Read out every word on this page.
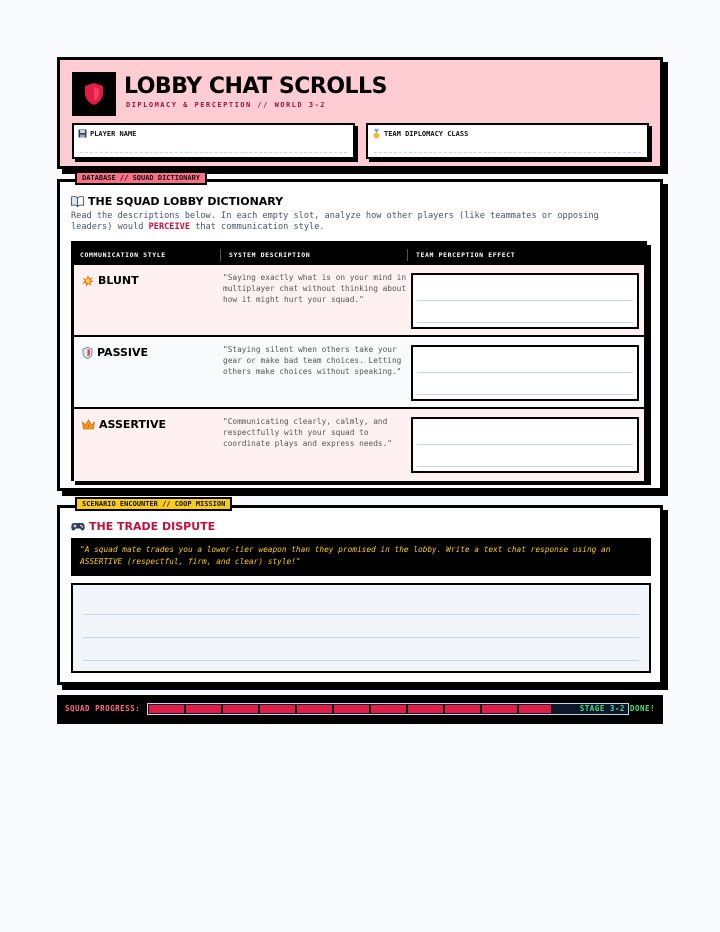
LOBBY CHAT SCROLLS
DIPLOMACY & PERCEPTION // WORLD 3-2
PLAYER NAME	TEAM DIPLOMACY CLASS
DATABASE // SQUAD DICTIONARY
THE SQUAD LOBBY DICTIONARY
Read the descriptions below. In each empty slot, analyze how other players (like teammates or opposing leaders) would PERCEIVE that communication style.
COMMUNICATION STYLE	SYSTEM DESCRIPTION	TEAM PERCEPTION EFFECT
BLUNT	"Saying exactly what is on your mind in multiplayer chat without thinking about how it might hurt your squad."
PASSIVE	"Staying silent when others take your gear or make bad team choices. Letting others make choices without speaking."
ASSERTIVE	"Communicating clearly, calmly, and respectfully with your squad to coordinate plays and express needs."
SCENARIO ENCOUNTER // COOP MISSION
THE TRADE DISPUTE
"A squad mate trades you a lower-tier weapon than they promised in the lobby. Write a text chat response using an ASSERTIVE (respectful, firm, and clear) style!"
SQUAD PROGRESS:	STAGE 3-2 DONE!
